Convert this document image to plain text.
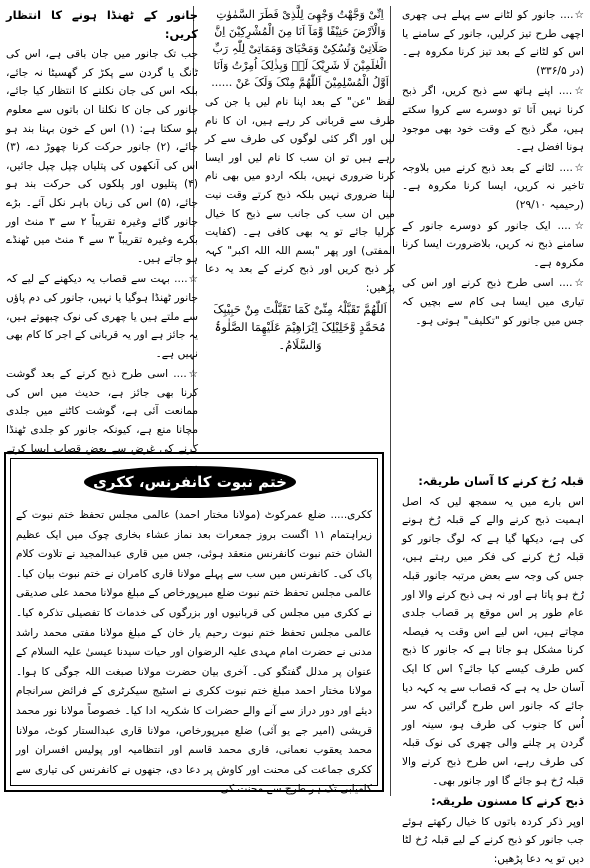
☆.... جانور کو لٹانے سے پہلے ہی چھری اچھی طرح تیز کرلیں، جانور کے سامنے یا اس کو لٹانے کے بعد تیز کرنا مکروہ ہے۔ (در ۳۳۶/۵)

☆.... اپنے ہاتھ سے ذبح کریں، اگر ذبح کرنا نہیں آتا تو دوسرے سے کروا سکتے ہیں، مگر ذبح کے وقت خود بھی موجود ہونا افضل ہے۔

☆.... لٹانے کے بعد ذبح کرنے میں بلاوجہ تاخیر نہ کریں، ایسا کرنا مکروہ ہے۔ (رحیمیہ ۲۹/۱۰)

☆.... ایک جانور کو دوسرے جانور کے سامنے ذبح نہ کریں، بلاضرورت ایسا کرنا مکروہ ہے۔

☆.... اسی طرح ذبح کرنے اور اس کی تیاری میں ایسا ہی کام سے بچیں کہ جس میں جانور کو "تکلیف" ہوتی ہو۔

قبلہ رُخ کرنے کا آسان طریقہ:

اس بارے میں یہ سمجھ لیں کہ اصل اہمیت ذبح کرنے والے کے قبلہ رُخ ہونے کی ہے، دیکھا گیا ہے کہ لوگ جانور کو قبلہ رُخ کرنے کی فکر میں رہتے ہیں، جس کی وجہ سے بعض مرتبہ جانور قبلہ رُخ ہو پاتا ہے اور نہ ہی ذبح کرنے والا اور عام طور پر اس موقع پر قصاب جلدی مچاتے ہیں، اس لیے اس وقت یہ فیصلہ کرنا مشکل ہو جاتا ہے کہ جانور کا ذبح کس طرف کیسے کیا جائے؟ اس کا ایک آسان حل یہ ہے کہ قصاب سے یہ کہہ دیا جائے کہ جانور اس طرح گرائیں کہ سر اُس کا جنوب کی طرف ہو، سینہ اور گردن پر چلنے والی چھری کی نوک قبلہ کی طرف رہے، اس طرح ذبح کرنے والا قبلہ رُخ ہو جائے گا اور جانور بھی۔

ذبح کرنے کا مسنون طریقہ:

اوپر ذکر کردہ باتوں کا خیال رکھتے ہوئے جب جانور کو ذبح کرنے کے لیے قبلہ رُخ لٹا دیں تو یہ دعا پڑھیں:

اِنِّیْ وَجَّھْتُ وَجْھِیَ لِلَّذِیْ فَطَرَ السَّمٰوٰتِ وَالْاَرْضَ حَنِیْفًا وَّمَآ اَنَا مِنَ الْمُشْرِکِیْنَ اِنَّ صَلَاتِیْ وَنُسُکِیْ وَمَحْیَایَ وَمَمَاتِیْ لِلّٰہِ رَبِّ الْعٰلَمِیْنَ لَا شَرِیْکَ لَہٗ وَبِذٰلِکَ اُمِرْتُ وَاَنَا اَوَّلُ الْمُسْلِمِیْنَ اَللّٰھُمَّ مِنْکَ وَلَکَ عَنْ ......

لفظ "عن" کے بعد اپنا نام لیں یا جن کی طرف سے قربانی کر رہے ہیں، ان کا نام لیں اور اگر کئی لوگوں کی طرف سے کر رہے ہیں تو ان سب کا نام لیں اور ایسا کرنا ضروری نہیں، بلکہ اردو میں بھی نام لینا ضروری نہیں بلکہ ذبح کرتے وقت نیت میں ان سب کی جانب سے ذبح کا خیال کرلیا جائے تو یہ بھی کافی ہے۔ (کفایت المفتی) اور پھر "بسم اللہ اللہ اکبر" کہہ کر ذبح کریں اور ذبح کرنے کے بعد یہ دعا پڑھیں:

اَللّٰھُمَّ تَقَبَّلْہُ مِنِّیْ کَمَا تَقَبَّلْتَ مِنْ حَبِیْبِکَ مُحَمَّدٍ وَّخَلِیْلِکَ اِبْرَاھِیْمَ عَلَیْھِمَا الصَّلٰوۃُ وَالسَّلَامُ۔

جانور کے ٹھنڈا ہونے کا انتظار کریں:

جب تک جانور میں جان باقی ہے، اس کی ٹانگ یا گردن سے پکڑ کر گھسیٹا نہ جائے، بلکہ اس کی جان نکلنے کا انتظار کیا جائے، جانور کی جان کا نکلنا ان باتوں سے معلوم ہو سکتا ہے: (۱) اس کے خون بہنا بند ہو جائے، (۲) جانور حرکت کرنا چھوڑ دے، (۳) اس کی آنکھوں کی پتلیاں چپل چپل جائیں، (۴) پتلیوں اور پلکوں کی حرکت بند ہو جائے، (۵) اس کی زبان باہر نکل آئے۔ بڑے جانور گائے وغیرہ تقریباً ۲ سے ۳ منٹ اور بکرے وغیرہ تقریباً ۳ سے ۴ منٹ میں ٹھنڈے ہو جاتے ہیں۔

☆.... بہت سے قصاب یہ دیکھنے کے لیے کہ جانور ٹھنڈا ہوگیا یا نہیں، جانور کی دم پاؤں سے ملتے ہیں یا چھری کی نوک چبھوتے ہیں، یہ جائز ہے اور یہ قربانی کے اجر کا کام بھی نہیں ہے۔

☆.... اسی طرح ذبح کرنے کے بعد گوشت کرنا بھی جائز ہے، حدیث میں اس کی ممانعت آئی ہے، گوشت کاٹنے میں جلدی مچانا منع ہے، کیونکہ جانور کو جلدی ٹھنڈا کرنے کی غرض سے بعض قصاب ایسا کرتے

ختم نبوت کانفرنس، ککری

ککری..... ضلع عمرکوٹ (مولانا مختار احمد) عالمی مجلس تحفظ ختم نبوت کے زیراہتمام ۱۱ اگست بروز جمعرات بعد نماز عشاء بخاری چوک میں ایک عظیم الشان ختم نبوت کانفرنس منعقد ہوئی، جس میں قاری عبدالمجید نے تلاوت کلام پاک کی۔ کانفرنس میں سب سے پہلے مولانا قاری کامران نے ختم نبوت بیان کیا۔ عالمی مجلس تحفظ ختم نبوت ضلع میرپورخاص کے مبلغ مولانا محمد علی صدیقی نے ککری میں مجلس کی قربانیوں اور بزرگوں کی خدمات کا تفصیلی تذکرہ کیا۔ عالمی مجلس تحفظ ختم نبوت رحیم یار خان کے مبلغ مولانا مفتی محمد راشد مدنی نے حضرت امام مہدی علیہ الرضوان اور حیات سیدنا عیسیٰ علیہ السلام کے عنوان پر مدلل گفتگو کی۔ آخری بیان حضرت مولانا صبغت اللہ جوگی کا ہوا۔ مولانا مختار احمد مبلغ ختم نبوت ککری نے اسٹیج سیکرٹری کے فرائض سرانجام دیئے اور دور دراز سے آنے والے حضرات کا شکریہ ادا کیا۔ خصوصاً مولانا نور محمد قریشی (امیر جے یو آئی) ضلع میرپورخاص، مولانا قاری عبدالستار کوٹ، مولانا محمد یعقوب نعمانی، قاری محمد قاسم اور انتظامیہ اور پولیس افسران اور ککری جماعت کی محنت اور کاوش پر دعا دی، جنھوں نے کانفرنس کی تیاری سے کامیابی تک ہر طرح سے محنت کی۔
